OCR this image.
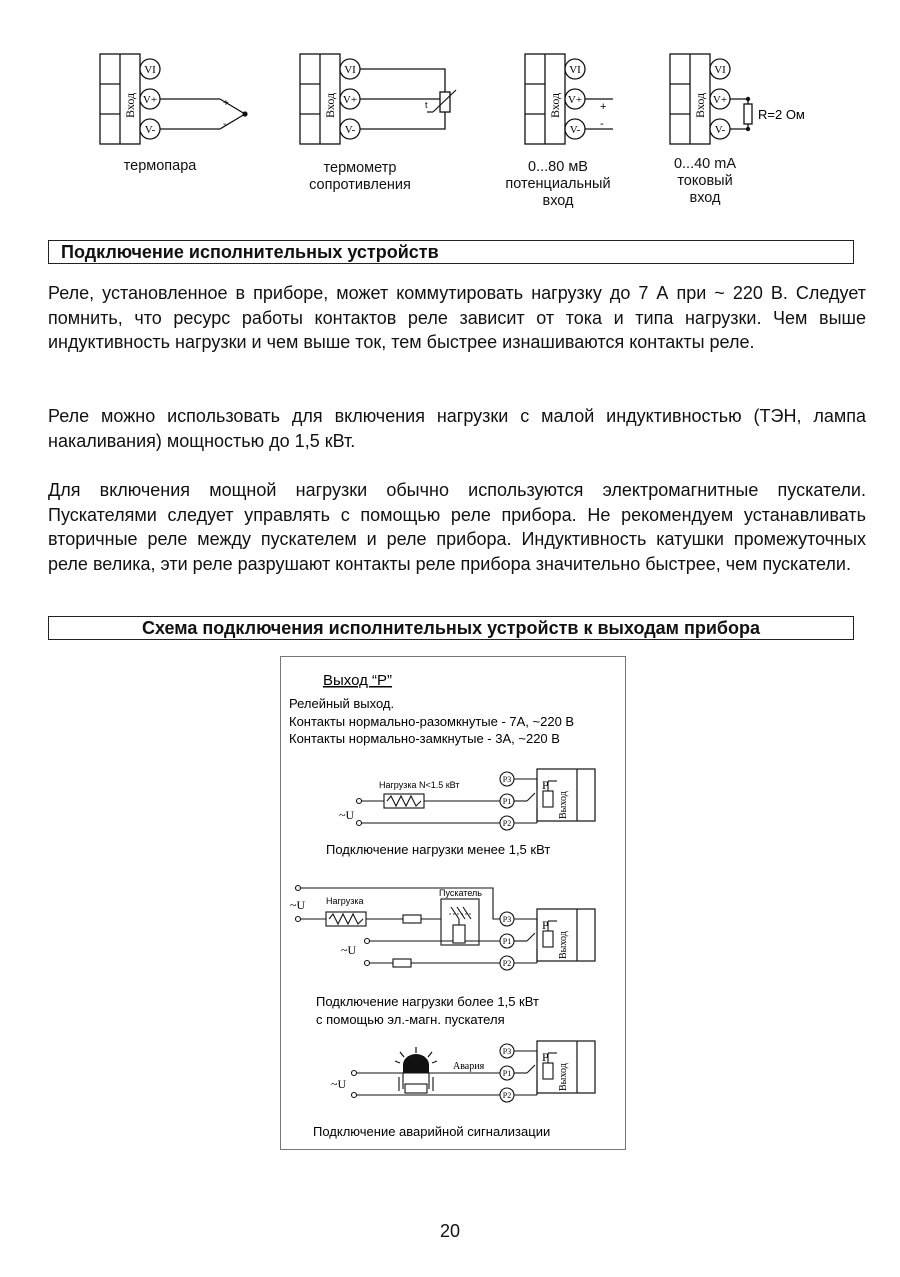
VI
V+
V-
Вход	+
-
VI
V+
V-
Вход	t
VI
V+
V-
Вход	+
-
VI
V+
V-
Вход	R=2 Ом
термопара	термометр
сопротивления
0...80 мВ
потенциальный
вход
0...40 mA
токовый
вход
Подключение исполнительных устройств

Реле, установленное в приборе, может коммутировать нагрузку до 7 А при ~ 220 В. Следует помнить, что ресурс работы контактов реле зависит от тока и типа нагрузки. Чем выше индуктивность нагрузки и чем выше ток, тем быстрее изнашиваются контакты реле.

Реле можно использовать для включения нагрузки с малой индуктивностью (ТЭН, лампа накаливания) мощностью до 1,5 кВт.

Для включения мощной нагрузки обычно используются электромагнитные пускатели. Пускателями следует управлять с помощью реле прибора. Не рекомендуем устанавливать вторичные реле между пускателем и реле прибора. Индуктивность катушки промежуточных реле велика, эти реле разрушают контакты реле прибора значительно быстрее, чем пускатели.

Схема подключения исполнительных устройств к выходам прибора
Выход “Р”
Релейный выход.
Контакты нормально-разомкнутые - 7А, ~220 В
Контакты нормально-замкнутые - 3А, ~220 В
P3
P1
P2
P
Выход
Нагрузка N<1.5 кВт
~U
Подключение нагрузки менее 1,5 кВт
P3
P1
P2
P
Выход
Нагрузка
Пускатель
~U
~U
Подключение нагрузки более 1,5 кВт
с помощью эл.-магн. пускателя
P3
P1
P2
P
Выход
Авария
~U
Подключение аварийной сигнализации
20
